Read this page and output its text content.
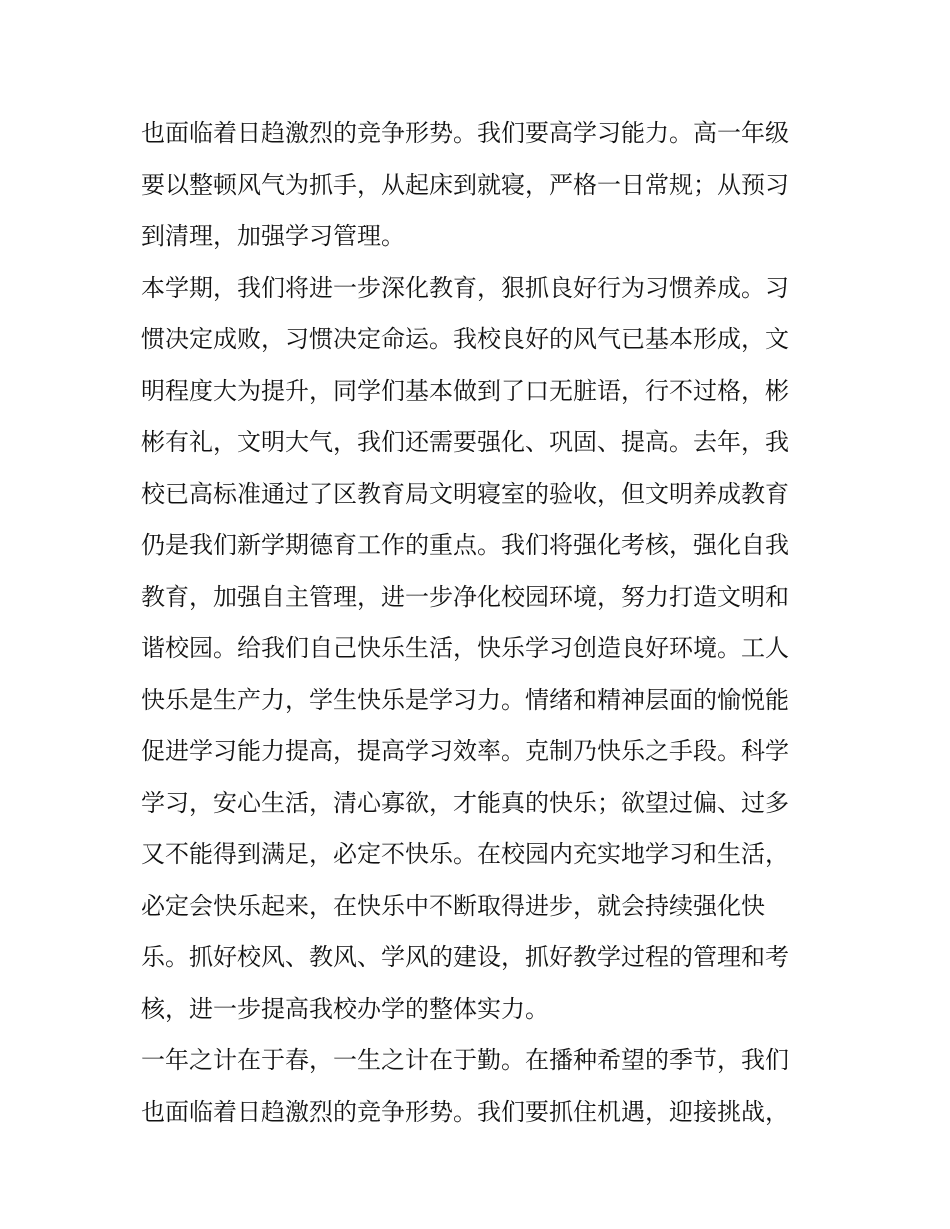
也面临着日趋激烈的竞争形势。我们要高学习能力。高一年级
要以整顿风气为抓手，从起床到就寝，严格一日常规；从预习
到清理，加强学习管理。
本学期，我们将进一步深化教育，狠抓良好行为习惯养成。习
惯决定成败，习惯决定命运。我校良好的风气已基本形成，文
明程度大为提升，同学们基本做到了口无脏语，行不过格，彬
彬有礼，文明大气，我们还需要强化、巩固、提高。去年，我
校已高标准通过了区教育局文明寝室的验收，但文明养成教育
仍是我们新学期德育工作的重点。我们将强化考核，强化自我
教育，加强自主管理，进一步净化校园环境，努力打造文明和
谐校园。给我们自己快乐生活，快乐学习创造良好环境。工人
快乐是生产力，学生快乐是学习力。情绪和精神层面的愉悦能
促进学习能力提高，提高学习效率。克制乃快乐之手段。科学
学习，安心生活，清心寡欲，才能真的快乐；欲望过偏、过多
又不能得到满足，必定不快乐。在校园内充实地学习和生活，
必定会快乐起来，在快乐中不断取得进步，就会持续强化快
乐。抓好校风、教风、学风的建设，抓好教学过程的管理和考
核，进一步提高我校办学的整体实力。
一年之计在于春，一生之计在于勤。在播种希望的季节，我们
也面临着日趋激烈的竞争形势。我们要抓住机遇，迎接挑战，
